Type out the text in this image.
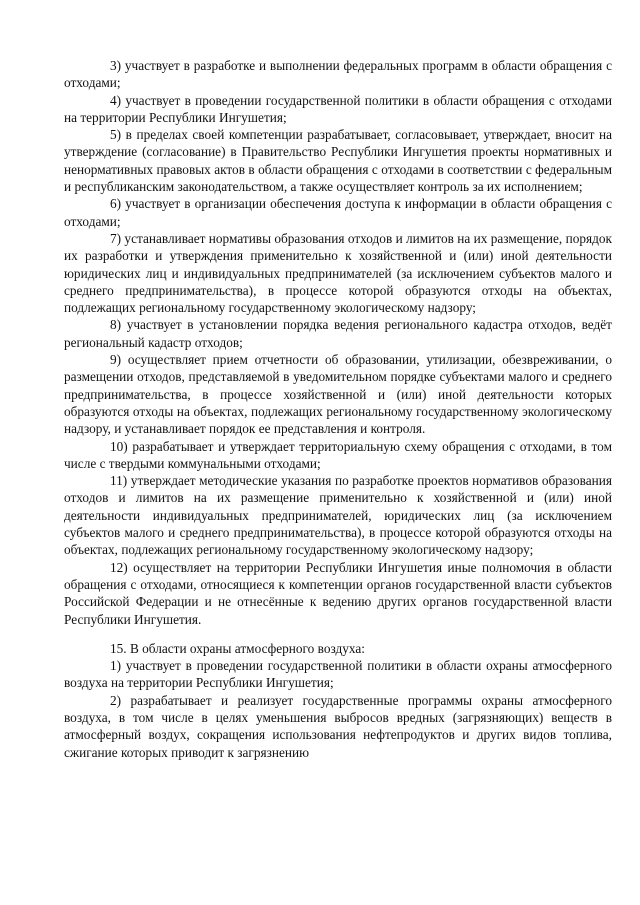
3) участвует в разработке и выполнении федеральных программ в области обращения с отходами;

4) участвует в проведении государственной политики в области обращения с отходами на территории Республики Ингушетия;

5) в пределах своей компетенции разрабатывает, согласовывает, утверждает, вносит на утверждение (согласование) в Правительство Республики Ингушетия проекты нормативных и ненормативных правовых актов в области обращения с отходами в соответствии с федеральным и республиканским законодательством, а также осуществляет контроль за их исполнением;

6) участвует в организации обеспечения доступа к информации в области обращения с отходами;

7) устанавливает нормативы образования отходов и лимитов на их размещение, порядок их разработки и утверждения применительно к хозяйственной и (или) иной деятельности юридических лиц и индивидуальных предпринимателей (за исключением субъектов малого и среднего предпринимательства), в процессе которой образуются отходы на объектах, подлежащих региональному государственному экологическому надзору;

8) участвует в установлении порядка ведения регионального кадастра отходов, ведёт региональный кадастр отходов;

9) осуществляет прием отчетности об образовании, утилизации, обезвреживании, о размещении отходов, представляемой в уведомительном порядке субъектами малого и среднего предпринимательства, в процессе хозяйственной и (или) иной деятельности которых образуются отходы на объектах, подлежащих региональному государственному экологическому надзору, и устанавливает порядок ее представления и контроля.

10) разрабатывает и утверждает территориальную схему обращения с отходами, в том числе с твердыми коммунальными отходами;

11) утверждает методические указания по разработке проектов нормативов образования отходов и лимитов на их размещение применительно к хозяйственной и (или) иной деятельности индивидуальных предпринимателей, юридических лиц (за исключением субъектов малого и среднего предпринимательства), в процессе которой образуются отходы на объектах, подлежащих региональному государственному экологическому надзору;

12) осуществляет на территории Республики Ингушетия иные полномочия в области обращения с отходами, относящиеся к компетенции органов государственной власти субъектов Российской Федерации и не отнесённые к ведению других органов государственной власти Республики Ингушетия.

15. В области охраны атмосферного воздуха:

1) участвует в проведении государственной политики в области охраны атмосферного воздуха на территории Республики Ингушетия;

2) разрабатывает и реализует государственные программы охраны атмосферного воздуха, в том числе в целях уменьшения выбросов вредных (загрязняющих) веществ в атмосферный воздух, сокращения использования нефтепродуктов и других видов топлива, сжигание которых приводит к загрязнению
